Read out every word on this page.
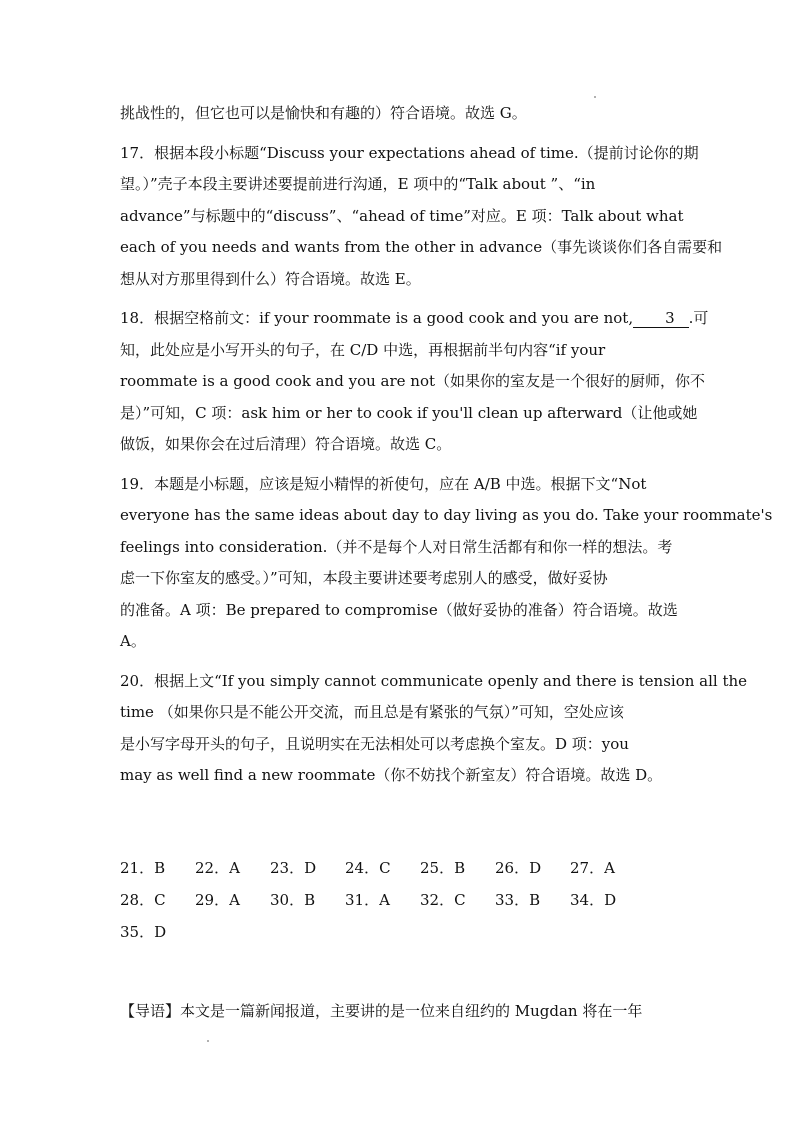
挑战性的，但它也可以是愉快和有趣的）符合语境。故选 G。

17．根据本段小标题“Discuss your expectations ahead of time.（提前讨论你的期
望。）”壳子本段主要讲述要提前进行沟通，E 项中的“Talk about ”、“in
advance”与标题中的“discuss”、“ahead of time”对应。E 项：Talk about what
each of you needs and wants from the other in advance（事先谈谈你们各自需要和
想从对方那里得到什么）符合语境。故选 E。

18．根据空格前文：if your roommate is a good cook and you are not, 3 .可
知，此处应是小写开头的句子，在 C/D 中选，再根据前半句内容“if your
roommate is a good cook and you are not（如果你的室友是一个很好的厨师，你不
是）”可知，C 项：ask him or her to cook if you'll clean up afterward（让他或她
做饭，如果你会在过后清理）符合语境。故选 C。

19．本题是小标题，应该是短小精悍的祈使句，应在 A/B 中选。根据下文“Not
everyone has the same ideas about day to day living as you do. Take your roommate's
feelings into consideration.（并不是每个人对日常生活都有和你一样的想法。考
虑一下你室友的感受。）”可知，本段主要讲述要考虑别人的感受，做好妥协
的准备。A 项：Be prepared to compromise（做好妥协的准备）符合语境。故选
A。

20．根据上文“If you simply cannot communicate openly and there is tension all the
time （如果你只是不能公开交流，而且总是有紧张的气氛）”可知，空处应该
是小写字母开头的句子，且说明实在无法相处可以考虑换个室友。D 项：you
may as well find a new roommate（你不妨找个新室友）符合语境。故选 D。

21．B 22．A 23．D 24．C 25．B 26．D 27．A
28．C 29．A 30．B 31．A 32．C 33．B 34．D
35．D
【导语】本文是一篇新闻报道，主要讲的是一位来自纽约的 Mugdan 将在一年
